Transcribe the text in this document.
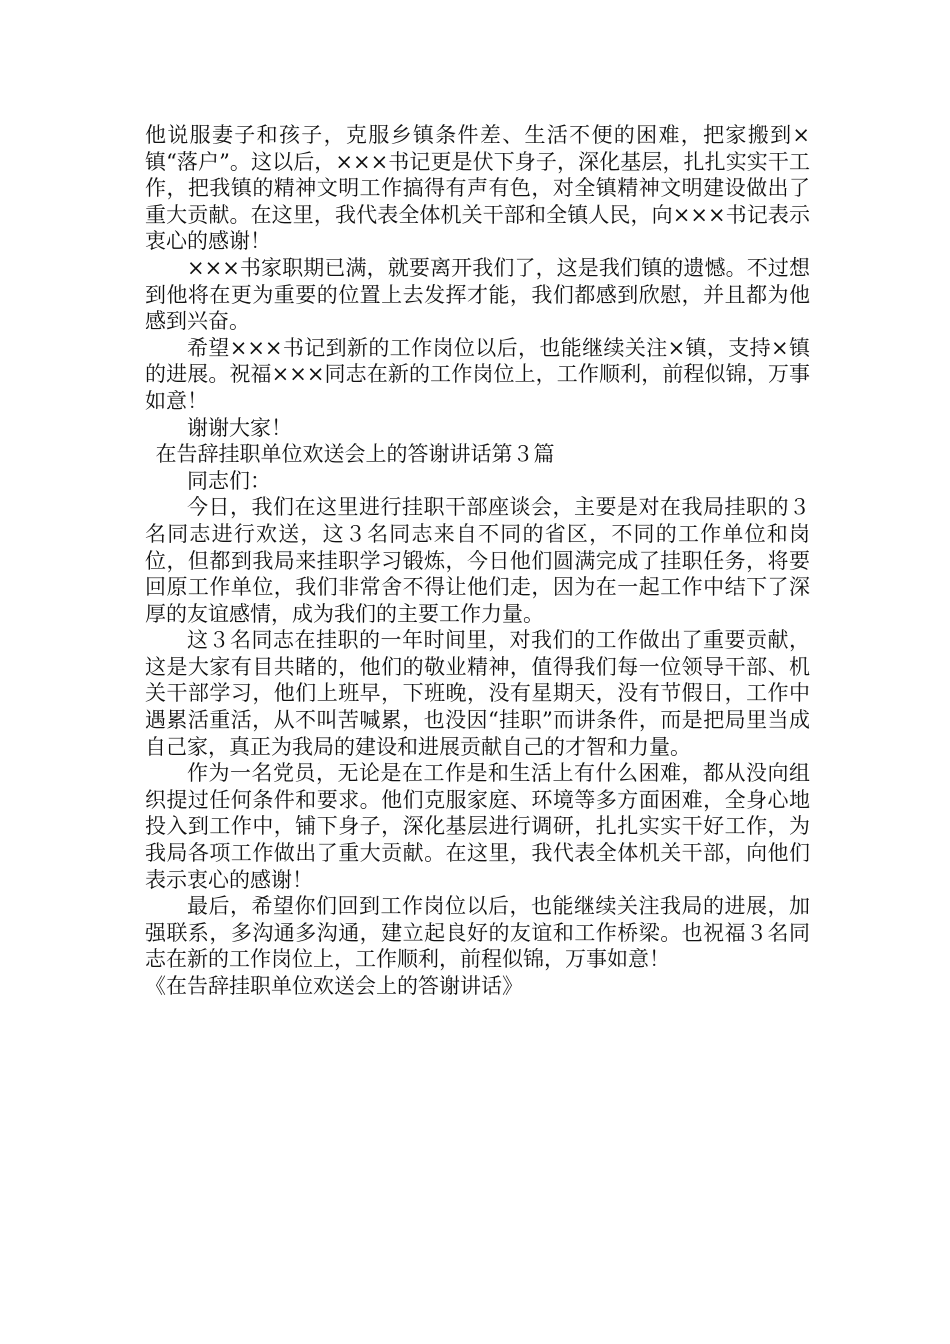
他说服妻子和孩子，克服乡镇条件差、生活不便的困难，把家搬到×镇“落户”。这以后，×××书记更是伏下身子，深化基层，扎扎实实干工作，把我镇的精神文明工作搞得有声有色，对全镇精神文明建设做出了重大贡献。在这里，我代表全体机关干部和全镇人民，向×××书记表示衷心的感谢！

×××书家职期已满，就要离开我们了，这是我们镇的遗憾。不过想到他将在更为重要的位置上去发挥才能，我们都感到欣慰，并且都为他感到兴奋。

希望×××书记到新的工作岗位以后，也能继续关注×镇，支持×镇的进展。祝福×××同志在新的工作岗位上，工作顺利，前程似锦，万事如意！

谢谢大家！

在告辞挂职单位欢送会上的答谢讲话第３篇

同志们：

今日，我们在这里进行挂职干部座谈会，主要是对在我局挂职的３名同志进行欢送，这３名同志来自不同的省区，不同的工作单位和岗位，但都到我局来挂职学习锻炼，今日他们圆满完成了挂职任务，将要回原工作单位，我们非常舍不得让他们走，因为在一起工作中结下了深厚的友谊感情，成为我们的主要工作力量。

这３名同志在挂职的一年时间里，对我们的工作做出了重要贡献，这是大家有目共睹的，他们的敬业精神，值得我们每一位领导干部、机关干部学习，他们上班早，下班晚，没有星期天，没有节假日，工作中遇累活重活，从不叫苦喊累，也没因“挂职”而讲条件，而是把局里当成自己家，真正为我局的建设和进展贡献自己的才智和力量。

作为一名党员，无论是在工作是和生活上有什么困难，都从没向组织提过任何条件和要求。他们克服家庭、环境等多方面困难，全身心地投入到工作中，铺下身子，深化基层进行调研，扎扎实实干好工作，为我局各项工作做出了重大贡献。在这里，我代表全体机关干部，向他们表示衷心的感谢！

最后，希望你们回到工作岗位以后，也能继续关注我局的进展，加强联系，多沟通多沟通，建立起良好的友谊和工作桥梁。也祝福３名同志在新的工作岗位上，工作顺利，前程似锦，万事如意！

《在告辞挂职单位欢送会上的答谢讲话》
